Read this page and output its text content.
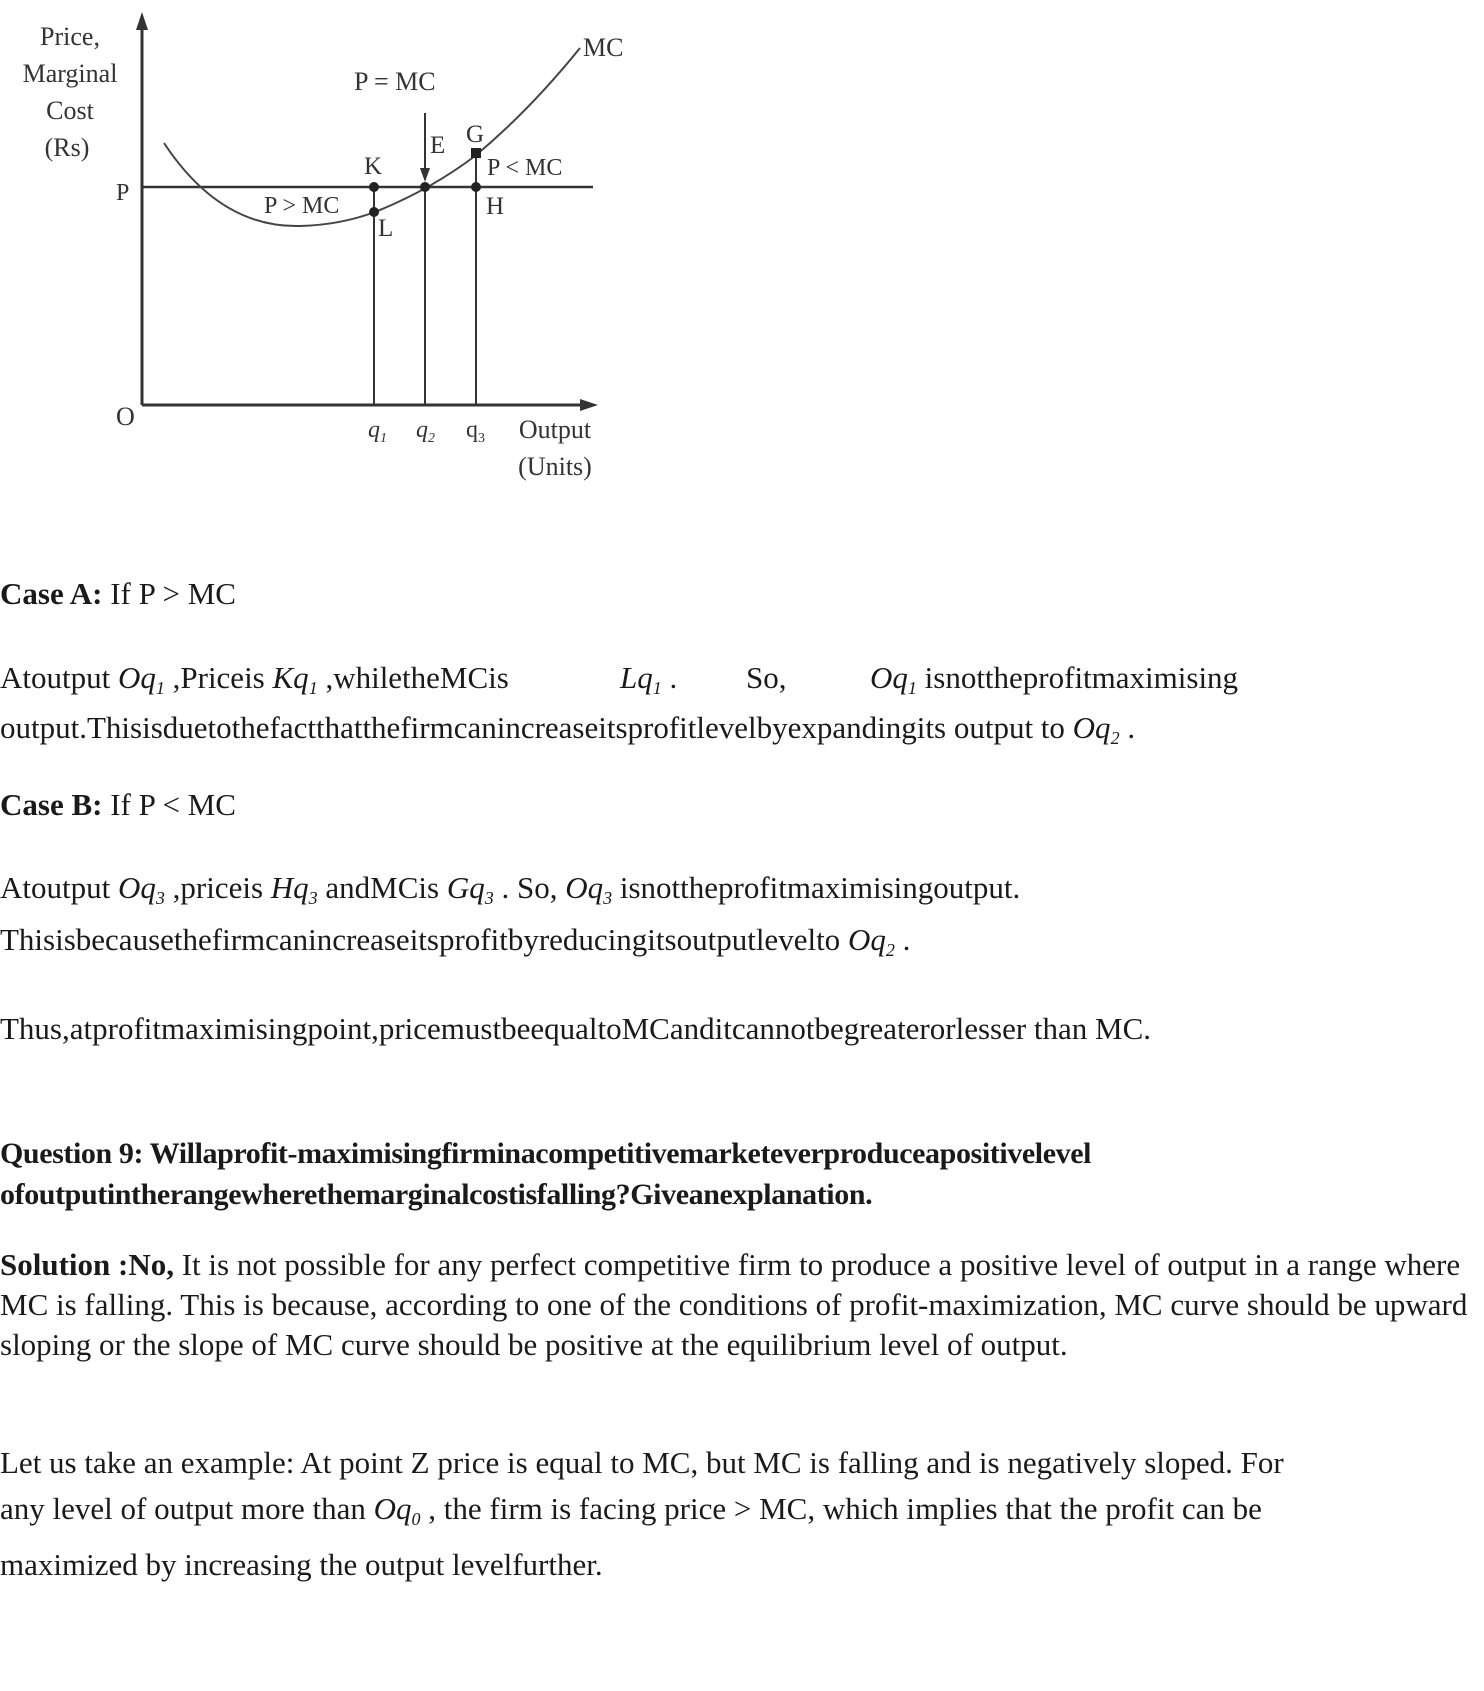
Price,
Marginal
Cost
(Rs)
P
O
MC
P = MC
P > MC
P < MC
K
L
E G
H
$q_1$ $q_2$ $q_3$ Output
(Units)
Case A: If P > MC
Atoutput $Oq_1$ ,Priceis $Kq_1$ ,whiletheMCis	$Lq_1$ . So,	$Oq_1$ isnottheprofitmaximising
output.Thisisduetothefactthatthefirmcanincreaseitsprofitlevelbyexpandingits output to $Oq_2$ .
Case B: If P < MC
Atoutput $Oq_3$ ,priceis $Hq_3$ andMCis $Gq_3$ . So, $Oq_3$ isnottheprofitmaximisingoutput.
Thisisbecausethefirmcanincreaseitsprofitbyreducingitsoutputlevelto $Oq_2$ .
Thus,atprofitmaximisingpoint,pricemustbeequaltoMCanditcannotbegreaterorlesser than MC.
Question 9: Willaprofit-maximisingfirminacompetitivemarketeverproduceapositivelevel
ofoutputintherangewherethemarginalcostisfalling?Giveanexplanation.
Solution :No, It is not possible for any perfect competitive firm to produce a positive level of output in a range where MC is falling. This is because, according to one of the conditions of profit-maximization, MC curve should be upward sloping or the slope of MC curve should be positive at the equilibrium level of output.
Let us take an example: At point Z price is equal to MC, but MC is falling and is negatively sloped. For any level of output more than $Oq_0$ , the firm is facing price > MC, which implies that the profit can be maximized by increasing the output levelfurther.
